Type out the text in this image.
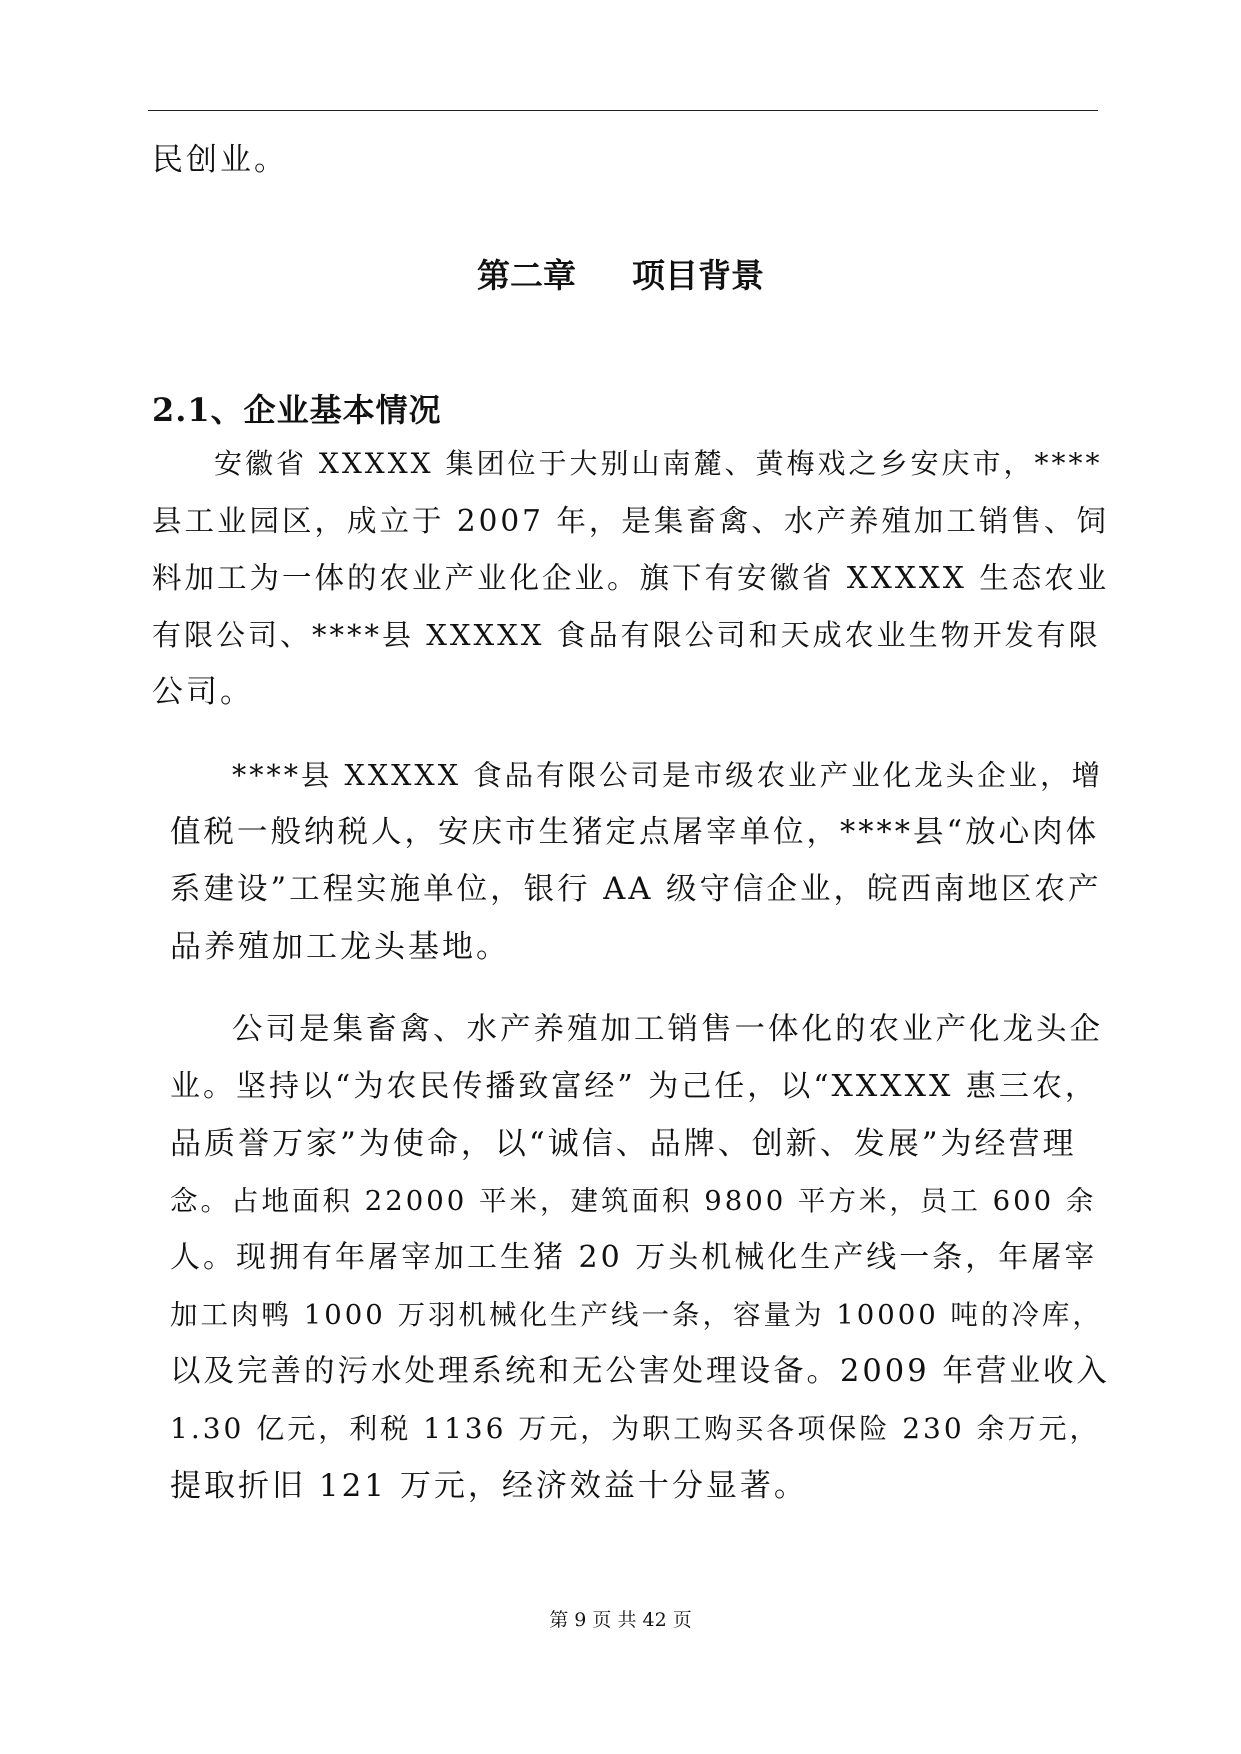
民创业。
第二章 项目背景
2.1、企业基本情况
安徽省 XXXXX 集团位于大别山南麓、黄梅戏之乡安庆市，****
县工业园区，成立于 2007 年，是集畜禽、水产养殖加工销售、饲
料加工为一体的农业产业化企业。旗下有安徽省 XXXXX 生态农业
有限公司、****县 XXXXX 食品有限公司和天成农业生物开发有限
公司。
****县 XXXXX 食品有限公司是市级农业产业化龙头企业，增
值税一般纳税人，安庆市生猪定点屠宰单位，****县“放心肉体
系建设”工程实施单位，银行 AA 级守信企业，皖西南地区农产
品养殖加工龙头基地。
公司是集畜禽、水产养殖加工销售一体化的农业产化龙头企
业。坚持以“为农民传播致富经” 为己任，以“XXXXX 惠三农，
品质誉万家”为使命，以“诚信、品牌、创新、发展”为经营理
念。占地面积 22000 平米，建筑面积 9800 平方米，员工 600 余
人。现拥有年屠宰加工生猪 20 万头机械化生产线一条，年屠宰
加工肉鸭 1000 万羽机械化生产线一条，容量为 10000 吨的冷库，
以及完善的污水处理系统和无公害处理设备。2009 年营业收入
1.30 亿元，利税 1136 万元，为职工购买各项保险 230 余万元，
提取折旧 121 万元，经济效益十分显著。
第 9 页 共 42 页
